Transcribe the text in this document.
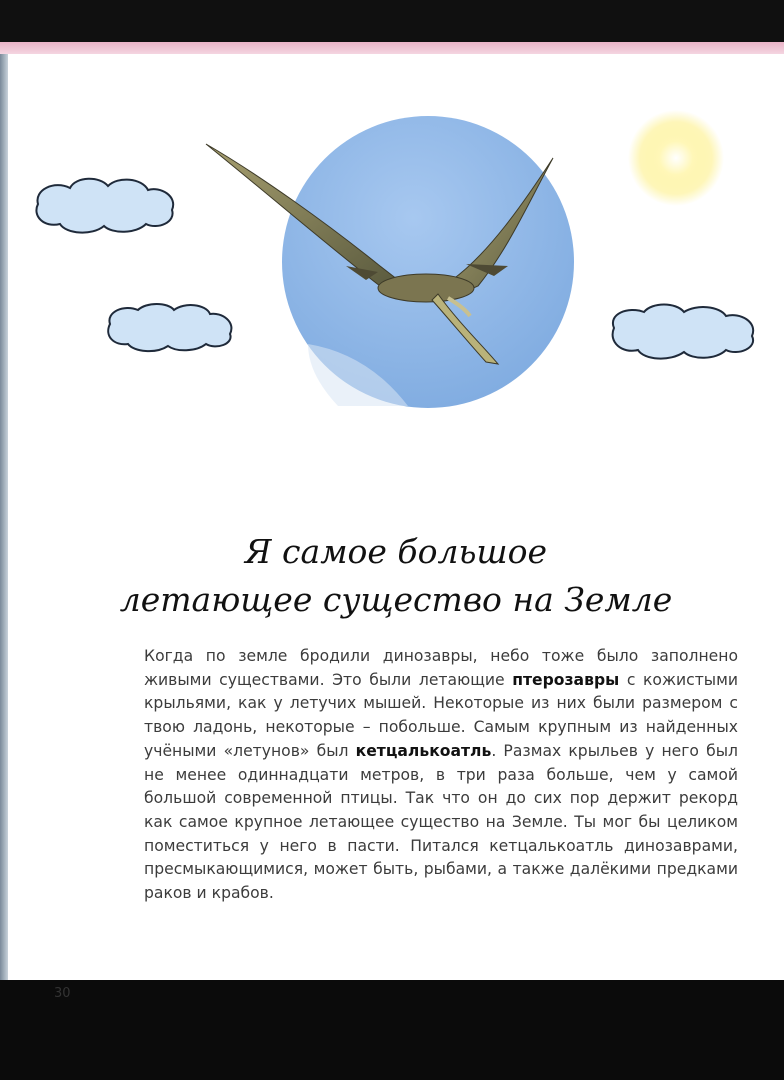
Я самое большое
летающее существо на Земле

Когда по земле бродили динозавры, небо тоже было заполнено живыми существами. Это были летающие птерозавры с кожистыми крыльями, как у летучих мышей. Некоторые из них были размером с твою ладонь, некоторые – побольше. Самым крупным из найденных учёными «летунов» был кетцалькоатль. Размах крыльев у него был не менее одиннадцати метров, в три раза больше, чем у самой большой современной птицы. Так что он до сих пор держит рекорд как самое крупное летающее существо на Земле. Ты мог бы целиком поместиться у него в пасти. Питался кетцалькоатль динозаврами, пресмыкающимися, может быть, рыбами, а также далёкими предками раков и крабов.

30
